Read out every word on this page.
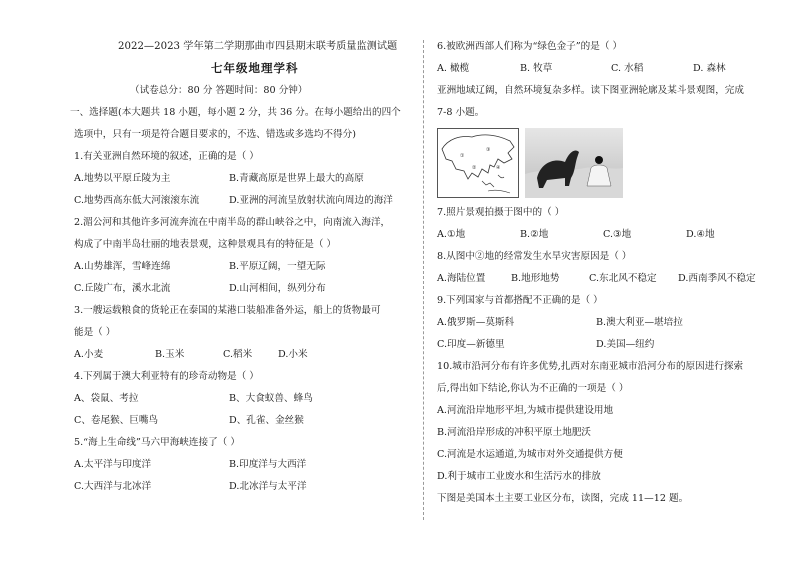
2022—2023 学年第二学期那曲市四县期末联考质量监测试题
七年级地理学科
（试卷总分：80 分 答题时间：80 分钟）
一、选择题(本大题共 18 小题，每小题 2 分，共 36 分。在每小题给出的四个
选项中，只有一项是符合题目要求的，不选、错选或多选均不得分)
1.有关亚洲自然环境的叙述，正确的是（ ）
A.地势以平原丘陵为主	B.青藏高原是世界上最大的高原
C.地势西高东低大河滚滚东流	D.亚洲的河流呈放射状流向周边的海洋
2.湄公河和其他许多河流奔流在中南半岛的群山峡谷之中，向南流入海洋，
构成了中南半岛壮丽的地表景观，这种景观具有的特征是（ ）
A.山势雄浑，雪峰连绵	B.平原辽阔，一望无际
C.丘陵广布，溪水北流	D.山河相间，纵列分布
3.一艘运载粮食的货轮正在泰国的某港口装船准备外运，船上的货物最可
能是（ ）
A.小麦	B.玉米	C.稻米	D.小米
4.下列属于澳大利亚特有的珍奇动物是（ ）
A、袋鼠、考拉	B、大食蚁兽、蜂鸟
C、卷尾猴、巨嘴鸟	D、孔雀、金丝猴
5.“海上生命线”马六甲海峡连接了（ ）
A.太平洋与印度洋	B.印度洋与大西洋
C.大西洋与北冰洋	D.北冰洋与太平洋
6.被欧洲西部人们称为“绿色金子”的是（ ）
A. 橄榄	B. 牧草	C. 水稻	D. 森林
亚洲地域辽阔，自然环境复杂多样。读下图亚洲轮廓及某斗景观图，完成
7-8 小题。
①
②
③
④
7.照片景观拍摄于图中的（ ）
A.①地	B.②地	C.③地	D.④地
8.从图中②地的经常发生水旱灾害原因是（ ）
A.海陆位置	B.地形地势	C.东北风不稳定 D.西南季风不稳定
9.下列国家与首都搭配不正确的是（ ）
A.俄罗斯—莫斯科	B.澳大利亚—堪培拉
C.印度—新德里	D.美国—纽约
10.城市沿河分布有许多优势,扎西对东南亚城市沿河分布的原因进行探索
后,得出如下结论,你认为不正确的一项是（ ）
A.河流沿岸地形平坦,为城市提供建设用地
B.河流沿岸形成的冲积平原土地肥沃
C.河流是水运通道,为城市对外交通提供方便
D.利于城市工业废水和生活污水的排放
下图是美国本土主要工业区分布，读图，完成 11—12 题。
